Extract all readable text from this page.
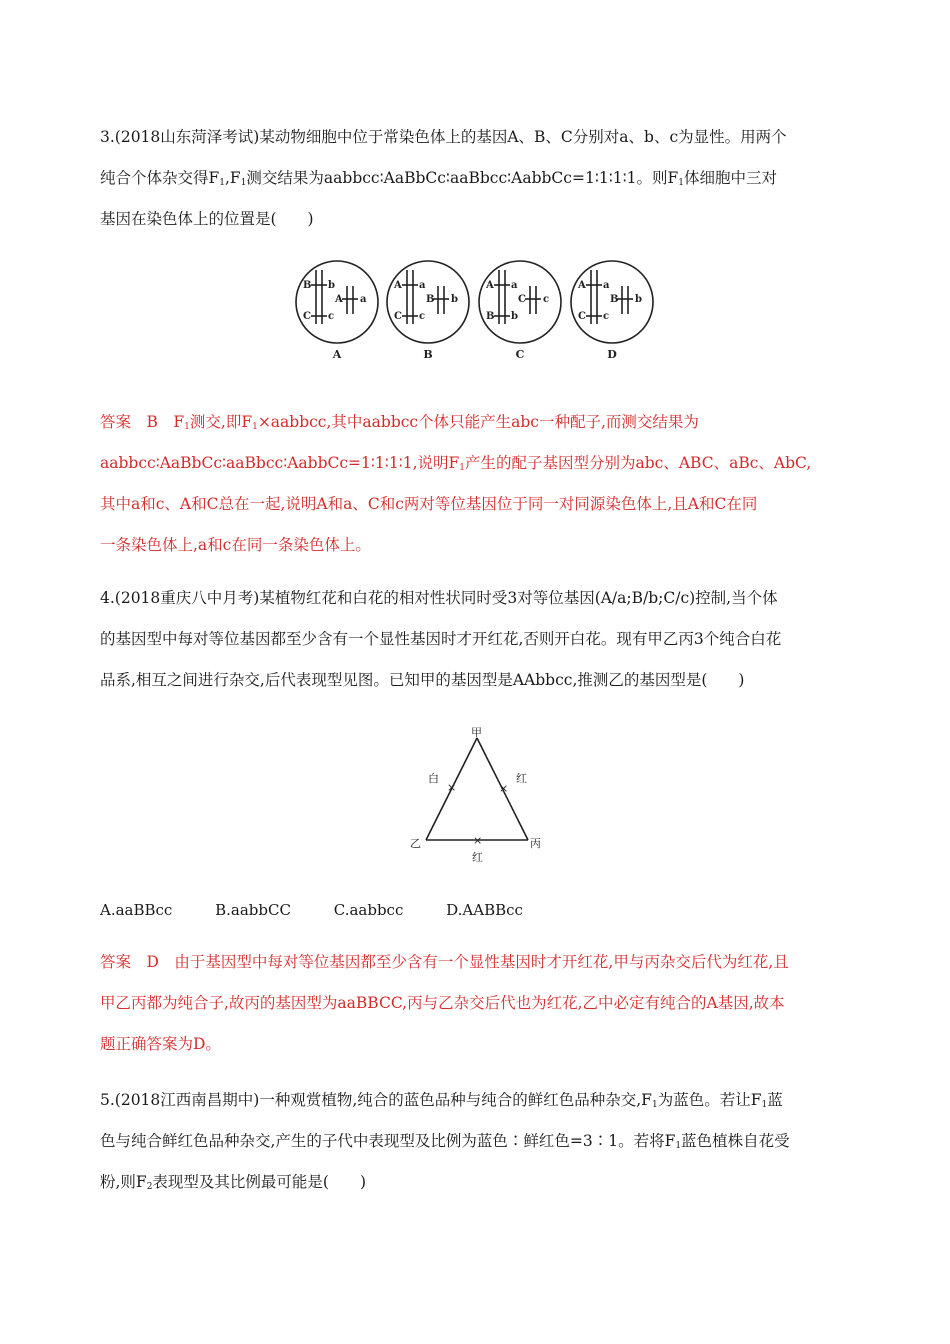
3.(2018山东菏泽考试)某动物细胞中位于常染色体上的基因A、B、C分别对a、b、c为显性。用两个
纯合个体杂交得$F_1,F_1$测交结果为aabbcc∶AaBbCc∶aaBbcc∶AabbCc=1∶1∶1∶1。则$F_1$体细胞中三对
基因在染色体上的位置是(　　)
B b
C c
A a
A a
C c
B b
A a
B b
C c
A a
C c
B b
A	B	C	D
答案　B　$F_1$测交,即$F_1\times aabbcc$,其中aabbcc个体只能产生abc一种配子,而测交结果为
aabbcc∶AaBbCc∶aaBbcc∶AabbCc=1∶1∶1∶1,说明$F_1$产生的配子基因型分别为abc、ABC、aBc、AbC,
其中a和c、A和C总在一起,说明A和a、C和c两对等位基因位于同一对同源染色体上,且A和C在同
一条染色体上,a和c在同一条染色体上。
4.(2018重庆八中月考)某植物红花和白花的相对性状同时受3对等位基因(A/a;B/b;C/c)控制,当个体
的基因型中每对等位基因都至少含有一个显性基因时才开红花,否则开白花。现有甲乙丙3个纯合白花
品系,相互之间进行杂交,后代表现型见图。已知甲的基因型是AAbbcc,推测乙的基因型是(　　)
甲
乙	丙
白
×
红
×
×
红
A.aaBBcc	B.aabbCC	C.aabbcc	D.AABBcc
答案　D　由于基因型中每对等位基因都至少含有一个显性基因时才开红花,甲与丙杂交后代为红花,且
甲乙丙都为纯合子,故丙的基因型为aaBBCC,丙与乙杂交后代也为红花,乙中必定有纯合的A基因,故本
题正确答案为D。
5.(2018江西南昌期中)一种观赏植物,纯合的蓝色品种与纯合的鲜红色品种杂交$,F_1$为蓝色。若让$F_1$蓝
色与纯合鲜红色品种杂交,产生的子代中表现型及比例为蓝色∶鲜红色=3∶1。若将$F_1$蓝色植株自花受
粉,则$F_2$表现型及其比例最可能是(　　)
